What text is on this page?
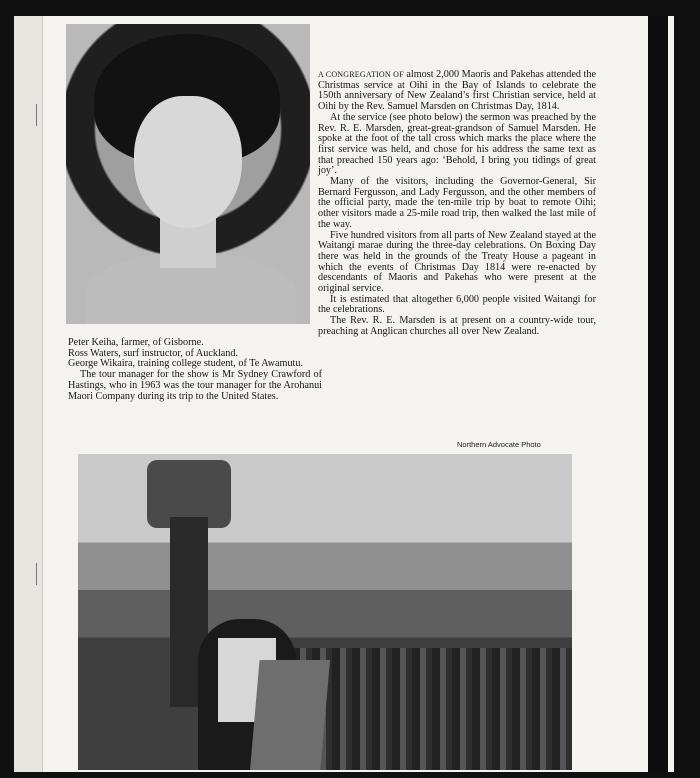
Peter Keiha, farmer, of Gisborne.

Ross Waters, surf instructor, of Auckland.

George Wikaira, training college student, of Te Awamutu.

The tour manager for the show is Mr Sydney Crawford of Hastings, who in 1963 was the tour manager for the Arohanui Maori Company during its trip to the United States.

A CONGREGATION OF almost 2,000 Maoris and Pakehas attended the Christmas service at Oihi in the Bay of Islands to celebrate the 150th anniversary of New Zealand’s first Christian service, held at Oihi by the Rev. Samuel Marsden on Christmas Day, 1814.

At the service (see photo below) the sermon was preached by the Rev. R. E. Marsden, great-great-grandson of Samuel Marsden. He spoke at the foot of the tall cross which marks the place where the first service was held, and chose for his address the same text as that preached 150 years ago: ‘Behold, I bring you tidings of great joy’.

Many of the visitors, including the Governor-General, Sir Bernard Fergusson, and Lady Fergusson, and the other members of the official party, made the ten-mile trip by boat to remote Oihi; other visitors made a 25-mile road trip, then walked the last mile of the way.

Five hundred visitors from all parts of New Zealand stayed at the Waitangi marae during the three-day celebrations. On Boxing Day there was held in the grounds of the Treaty House a pageant in which the events of Christmas Day 1814 were re-enacted by descendants of Maoris and Pakehas who were present at the original service.

It is estimated that altogether 6,000 people visited Waitangi for the celebrations.

The Rev. R. E. Marsden is at present on a country-wide tour, preaching at Anglican churches all over New Zealand.

Northern Advocate Photo
